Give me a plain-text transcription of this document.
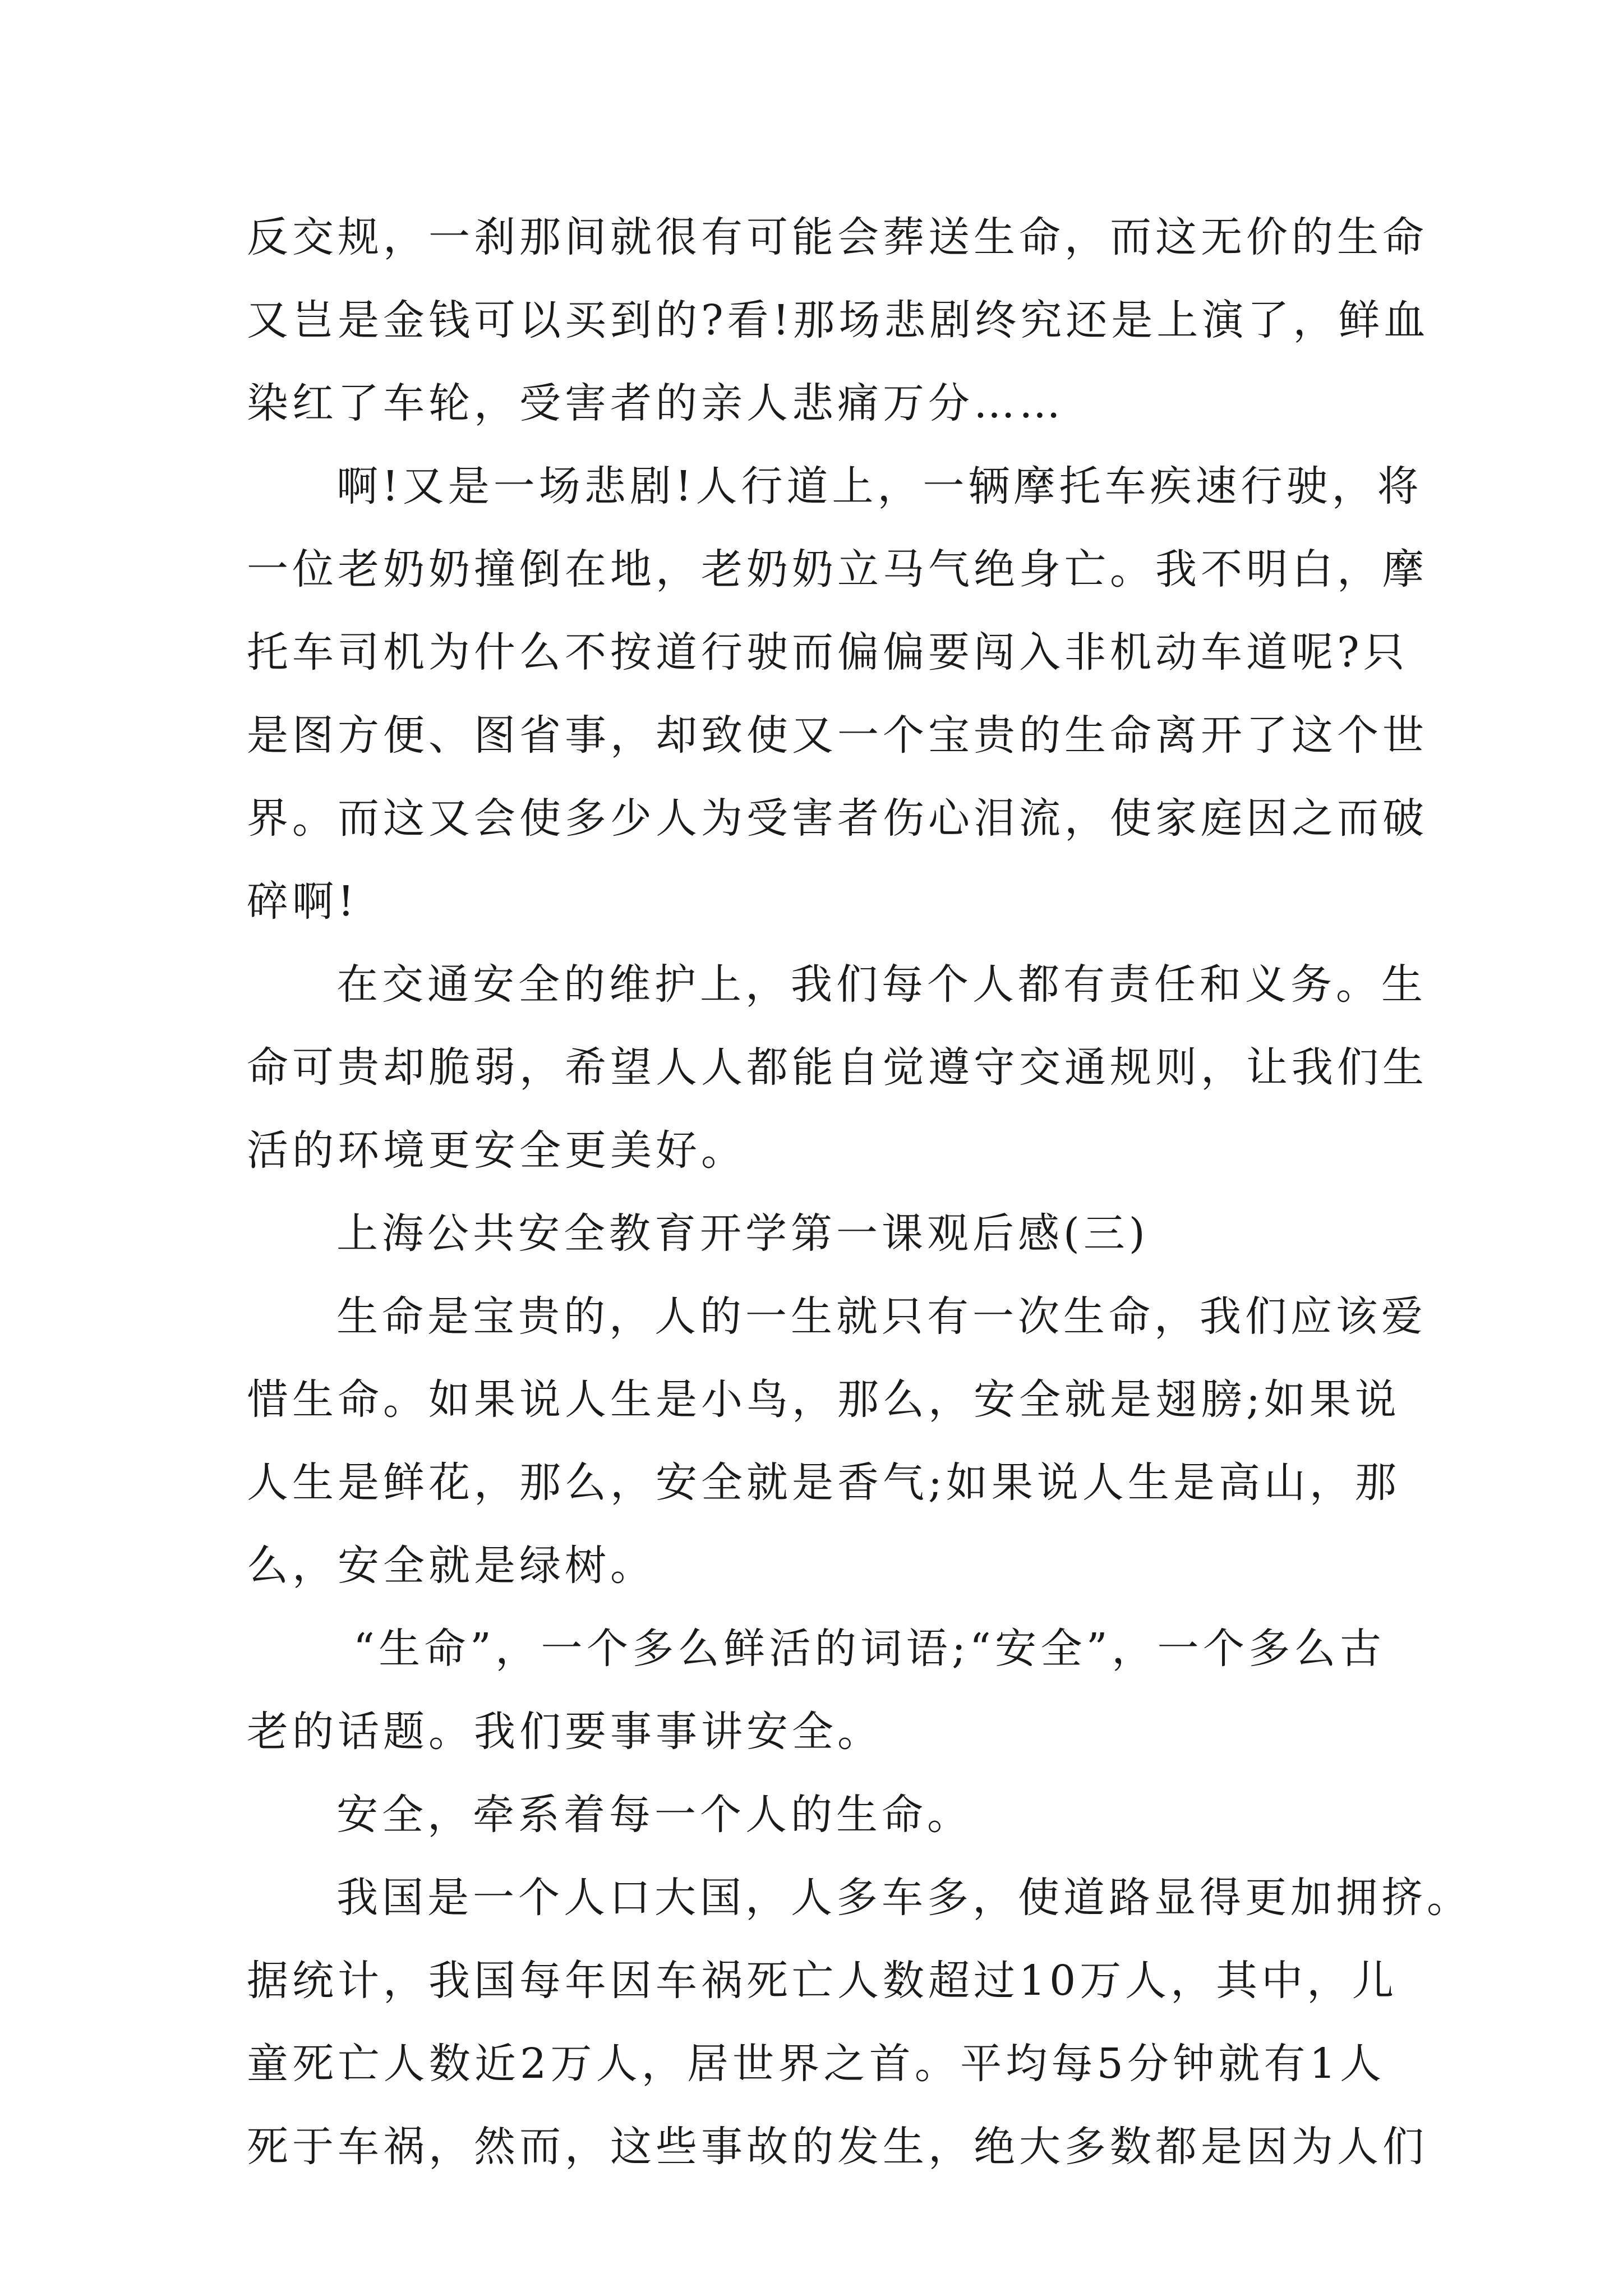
反交规，一刹那间就很有可能会葬送生命，而这无价的生命
又岂是金钱可以买到的?看!那场悲剧终究还是上演了，鲜血
染红了车轮，受害者的亲人悲痛万分……
啊!又是一场悲剧!人行道上，一辆摩托车疾速行驶，将
一位老奶奶撞倒在地，老奶奶立马气绝身亡。我不明白，摩
托车司机为什么不按道行驶而偏偏要闯入非机动车道呢?只
是图方便、图省事，却致使又一个宝贵的生命离开了这个世
界。而这又会使多少人为受害者伤心泪流，使家庭因之而破
碎啊!
在交通安全的维护上，我们每个人都有责任和义务。生
命可贵却脆弱，希望人人都能自觉遵守交通规则，让我们生
活的环境更安全更美好。
上海公共安全教育开学第一课观后感(三)
生命是宝贵的，人的一生就只有一次生命，我们应该爱
惜生命。如果说人生是小鸟，那么，安全就是翅膀;如果说
人生是鲜花，那么，安全就是香气;如果说人生是高山，那
么，安全就是绿树。
“生命”，一个多么鲜活的词语;“安全”，一个多么古
老的话题。我们要事事讲安全。
安全，牵系着每一个人的生命。
我国是一个人口大国，人多车多，使道路显得更加拥挤。
据统计，我国每年因车祸死亡人数超过10万人，其中，儿
童死亡人数近2万人，居世界之首。平均每5分钟就有1人
死于车祸，然而，这些事故的发生，绝大多数都是因为人们
